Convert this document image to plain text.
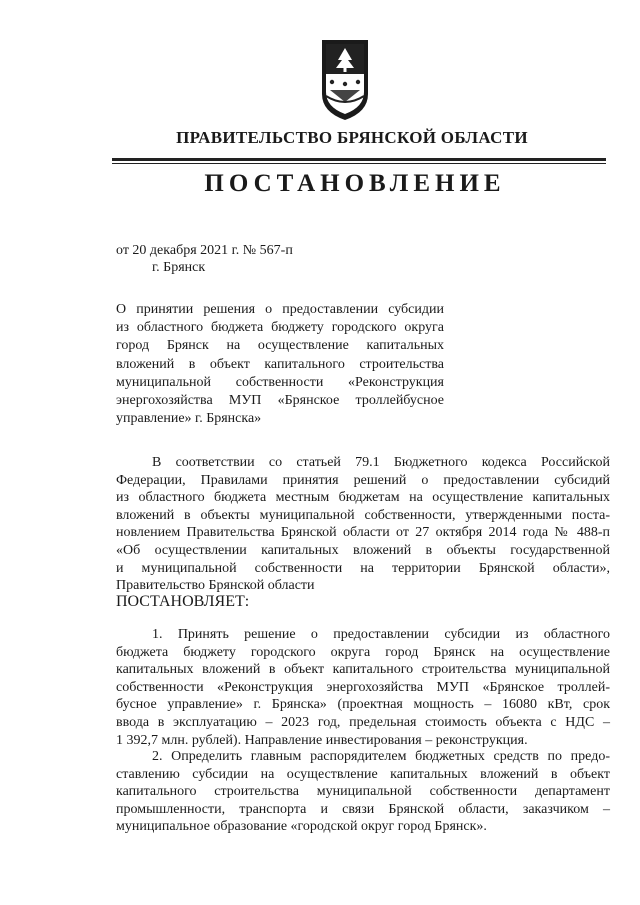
ПРАВИТЕЛЬСТВО БРЯНСКОЙ ОБЛАСТИ
ПОСТАНОВЛЕНИЕ
от 20 декабря 2021 г. № 567-п
г. Брянск
О принятии решения о предоставлении субсидии
из областного бюджета бюджету городского округа
город Брянск на осуществление капитальных
вложений в объект капитального строительства
муниципальной собственности «Реконструкция
энергохозяйства МУП «Брянское троллейбусное
управление» г. Брянска»
В соответствии со статьей 79.1 Бюджетного кодекса Российской
Федерации, Правилами принятия решений о предоставлении субсидий
из областного бюджета местным бюджетам на осуществление капитальных
вложений в объекты муниципальной собственности, утвержденными поста-
новлением Правительства Брянской области от 27 октября 2014 года № 488-п
«Об осуществлении капитальных вложений в объекты государственной
и муниципальной собственности на территории Брянской области»,
Правительство Брянской области
ПОСТАНОВЛЯЕТ:
1. Принять решение о предоставлении субсидии из областного
бюджета бюджету городского округа город Брянск на осуществление
капитальных вложений в объект капитального строительства муниципальной
собственности «Реконструкция энергохозяйства МУП «Брянское троллей-
бусное управление» г. Брянска» (проектная мощность – 16080 кВт, срок
ввода в эксплуатацию – 2023 год, предельная стоимость объекта с НДС –
1 392,7 млн. рублей). Направление инвестирования – реконструкция.
2. Определить главным распорядителем бюджетных средств по предо-
ставлению субсидии на осуществление капитальных вложений в объект
капитального строительства муниципальной собственности департамент
промышленности, транспорта и связи Брянской области, заказчиком –
муниципальное образование «городской округ город Брянск».
